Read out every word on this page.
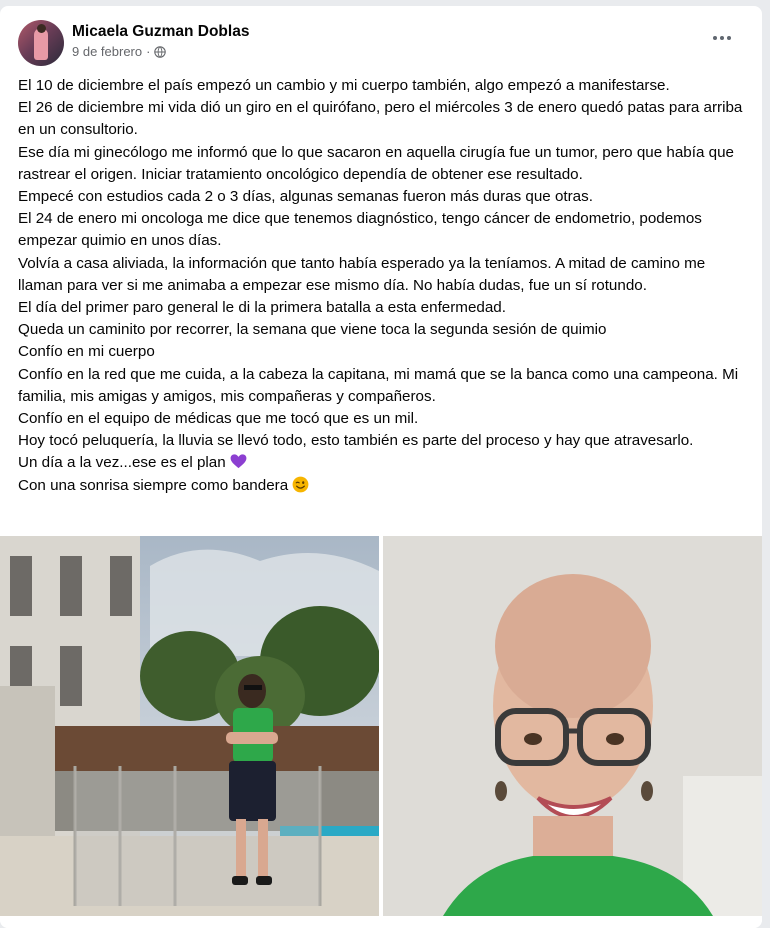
Micaela Guzman Doblas
9 de febrero ·

El 10 de diciembre el país empezó un cambio y mi cuerpo también, algo empezó a manifestarse.

El 26 de diciembre mi vida dió un giro en el quirófano, pero el miércoles 3 de enero quedó patas para arriba en un consultorio.

Ese día mi ginecólogo me informó que lo que sacaron en aquella cirugía fue un tumor, pero que había que rastrear el origen. Iniciar tratamiento oncológico dependía de obtener ese resultado.

Empecé con estudios cada 2 o 3 días, algunas semanas fueron más duras que otras.

El 24 de enero mi oncologa me dice que tenemos diagnóstico, tengo cáncer de endometrio, podemos empezar quimio en unos días.

Volvía a casa aliviada, la información que tanto había esperado ya la teníamos. A mitad de camino me llaman para ver si me animaba a empezar ese mismo día. No había dudas, fue un sí rotundo.

El día del primer paro general le di la primera batalla a esta enfermedad.

Queda un caminito por recorrer, la semana que viene toca la segunda sesión de quimio

Confío en mi cuerpo

Confío en la red que me cuida, a la cabeza la capitana, mi mamá que se la banca como una campeona. Mi familia, mis amigas y amigos, mis compañeras y compañeros.

Confío en el equipo de médicas que me tocó que es un mil.

Hoy tocó peluquería, la lluvia se llevó todo, esto también es parte del proceso y hay que atravesarlo.

Un día a la vez...ese es el plan

Con una sonrisa siempre como bandera
